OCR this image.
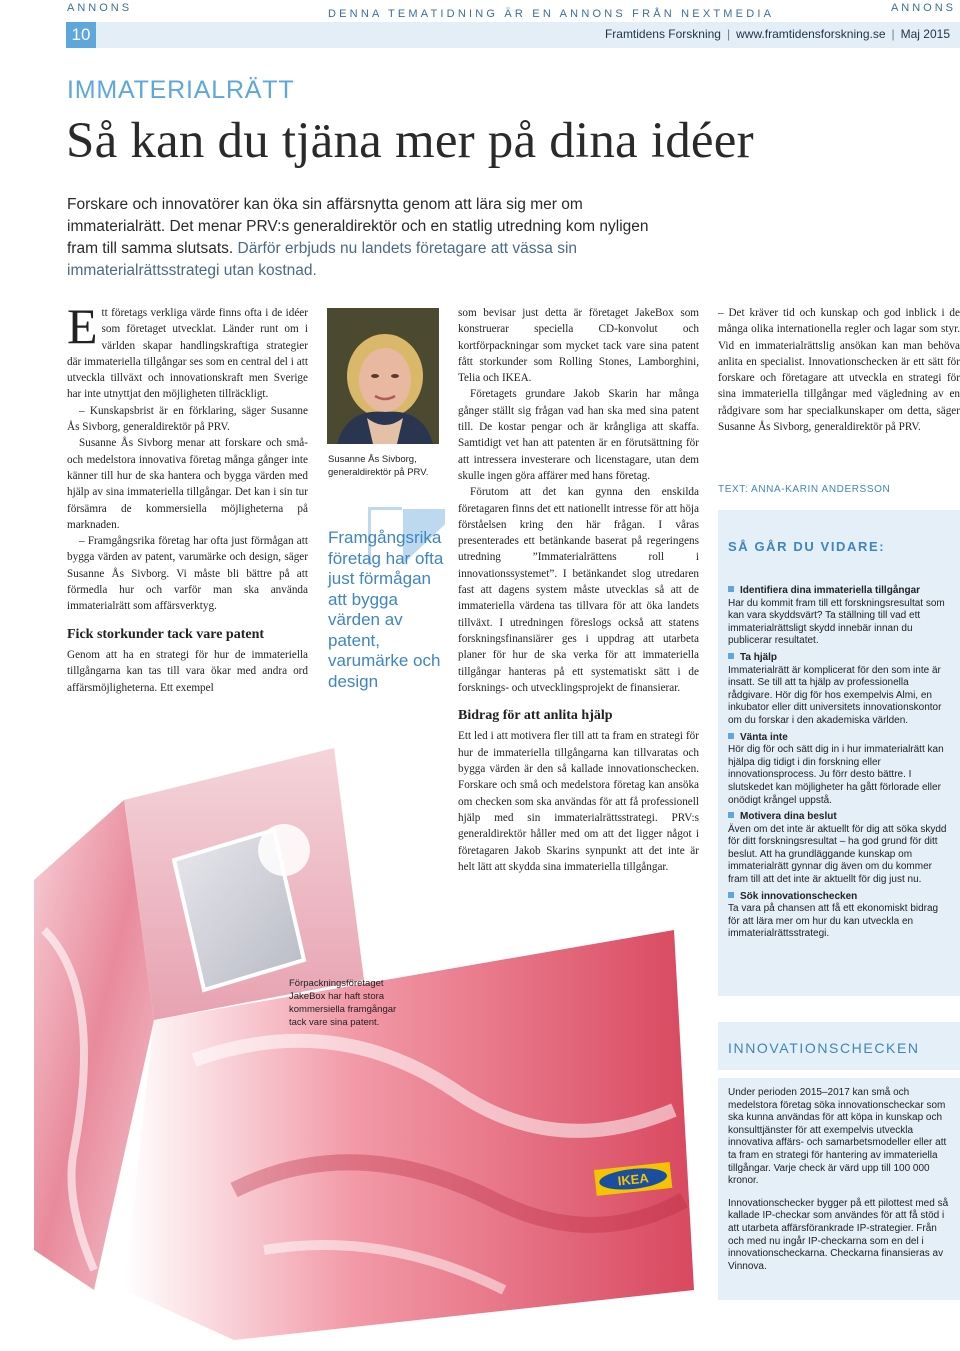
ANNONS	DENNA TEMATIDNING ÄR EN ANNONS FRÅN NEXTMEDIA	ANNONS
10	Framtidens Forskning | www.framtidensforskning.se | Maj 2015
IMMATERIALRÄTT
Så kan du tjäna mer på dina idéer

Forskare och innovatörer kan öka sin affärsnytta genom att lära sig mer om immaterialrätt. Det menar PRV:s generaldirektör och en statlig utredning kom nyligen fram till samma slutsats. Därför erbjuds nu landets företagare att vässa sin immaterialrättsstrategi utan kostnad.

Ett företags verkliga värde finns ofta i de idéer som företaget utvecklat. Länder runt om i världen skapar handlingskraftiga strategier där immateriella tillgångar ses som en central del i att utveckla tillväxt och innovationskraft men Sverige har inte utnyttjat den möjligheten tillräckligt.

– Kunskapsbrist är en förklaring, säger Susanne Ås Sivborg, generaldirektör på PRV.

Susanne Ås Sivborg menar att forskare och små- och medelstora innovativa företag många gånger inte känner till hur de ska hantera och bygga värden med hjälp av sina immateriella tillgångar. Det kan i sin tur försämra de kommersiella möjligheterna på marknaden.

– Framgångsrika företag har ofta just förmågan att bygga värden av patent, varumärke och design, säger Susanne Ås Sivborg. Vi måste bli bättre på att förmedla hur och varför man ska använda immaterialrätt som affärsverktyg.

Fick storkunder tack vare patent

Genom att ha en strategi för hur de immateriella tillgångarna kan tas till vara ökar med andra ord affärsmöjligheterna. Ett exempel

Susanne Ås Sivborg, generaldirektör på PRV.
Framgångsrika företag har ofta just förmågan att bygga värden av patent, varumärke och design
IKEA
Förpackningsföretaget JakeBox har haft stora kommersiella framgångar tack vare sina patent.

som bevisar just detta är företaget JakeBox som konstruerar speciella CD-konvolut och kortförpackningar som mycket tack vare sina patent fått storkunder som Rolling Stones, Lamborghini, Telia och IKEA.

Företagets grundare Jakob Skarin har många gånger ställt sig frågan vad han ska med sina patent till. De kostar pengar och är krångliga att skaffa. Samtidigt vet han att patenten är en förutsättning för att intressera investerare och licenstagare, utan dem skulle ingen göra affärer med hans företag.

Förutom att det kan gynna den enskilda företagaren finns det ett nationellt intresse för att höja förståelsen kring den här frågan. I våras presenterades ett betänkande baserat på regeringens utredning ”Immaterialrättens roll i innovationssystemet”. I betänkandet slog utredaren fast att dagens system måste utvecklas så att de immateriella värdena tas tillvara för att öka landets tillväxt. I utredningen föreslogs också att statens forskningsfinansiärer ges i uppdrag att utarbeta planer för hur de ska verka för att immateriella tillgångar hanteras på ett systematiskt sätt i de forsknings- och utvecklingsprojekt de finansierar.

Bidrag för att anlita hjälp

Ett led i att motivera fler till att ta fram en strategi för hur de immateriella tillgångarna kan tillvaratas och bygga värden är den så kallade innovationschecken. Forskare och små och medelstora företag kan ansöka om checken som ska användas för att få professionell hjälp med sin immaterialrättsstrategi. PRV:s generaldirektör håller med om att det ligger något i företagaren Jakob Skarins synpunkt att det inte är helt lätt att skydda sina immateriella tillgångar.

– Det kräver tid och kunskap och god inblick i de många olika internationella regler och lagar som styr. Vid en immaterialrättslig ansökan kan man behöva anlita en specialist. Innovationschecken är ett sätt för forskare och företagare att utveckla en strategi för sina immateriella tillgångar med vägledning av en rådgivare som har specialkunskaper om detta, säger Susanne Ås Sivborg, generaldirektör på PRV.

TEXT: ANNA-KARIN ANDERSSON
SÅ GÅR DU VIDARE:
Identifiera dina immateriella tillgångar
Har du kommit fram till ett forskningsresultat som kan vara skyddsvärt? Ta ställning till vad ett immaterialrättsligt skydd innebär innan du publicerar resultatet.
Ta hjälp
Immaterialrätt är komplicerat för den som inte är insatt. Se till att ta hjälp av professionella rådgivare. Hör dig för hos exempelvis Almi, en inkubator eller ditt universitets innovationskontor om du forskar i den akademiska världen.
Vänta inte
Hör dig för och sätt dig in i hur immaterialrätt kan hjälpa dig tidigt i din forskning eller innovationsprocess. Ju förr desto bättre. I slutskedet kan möjligheter ha gått förlorade eller onödigt krångel uppstå.
Motivera dina beslut
Även om det inte är aktuellt för dig att söka skydd för ditt forskningsresultat – ha god grund för ditt beslut. Att ha grundläggande kunskap om immaterialrätt gynnar dig även om du kommer fram till att det inte är aktuellt för dig just nu.
Sök innovationschecken
Ta vara på chansen att få ett ekonomiskt bidrag för att lära mer om hur du kan utveckla en immaterialrättsstrategi.
INNOVATIONSCHECKEN

Under perioden 2015–2017 kan små och medelstora företag söka innovationscheckar som ska kunna användas för att köpa in kunskap och konsulttjänster för att exempelvis utveckla innovativa affärs- och samarbetsmodeller eller att ta fram en strategi för hantering av immateriella tillgångar. Varje check är värd upp till 100 000 kronor.

Innovationschecker bygger på ett pilottest med så kallade IP-checkar som användes för att få stöd i att utarbeta affärsförankrade IP-strategier. Från och med nu ingår IP-checkarna som en del i innovationscheckarna. Checkarna finansieras av Vinnova.
